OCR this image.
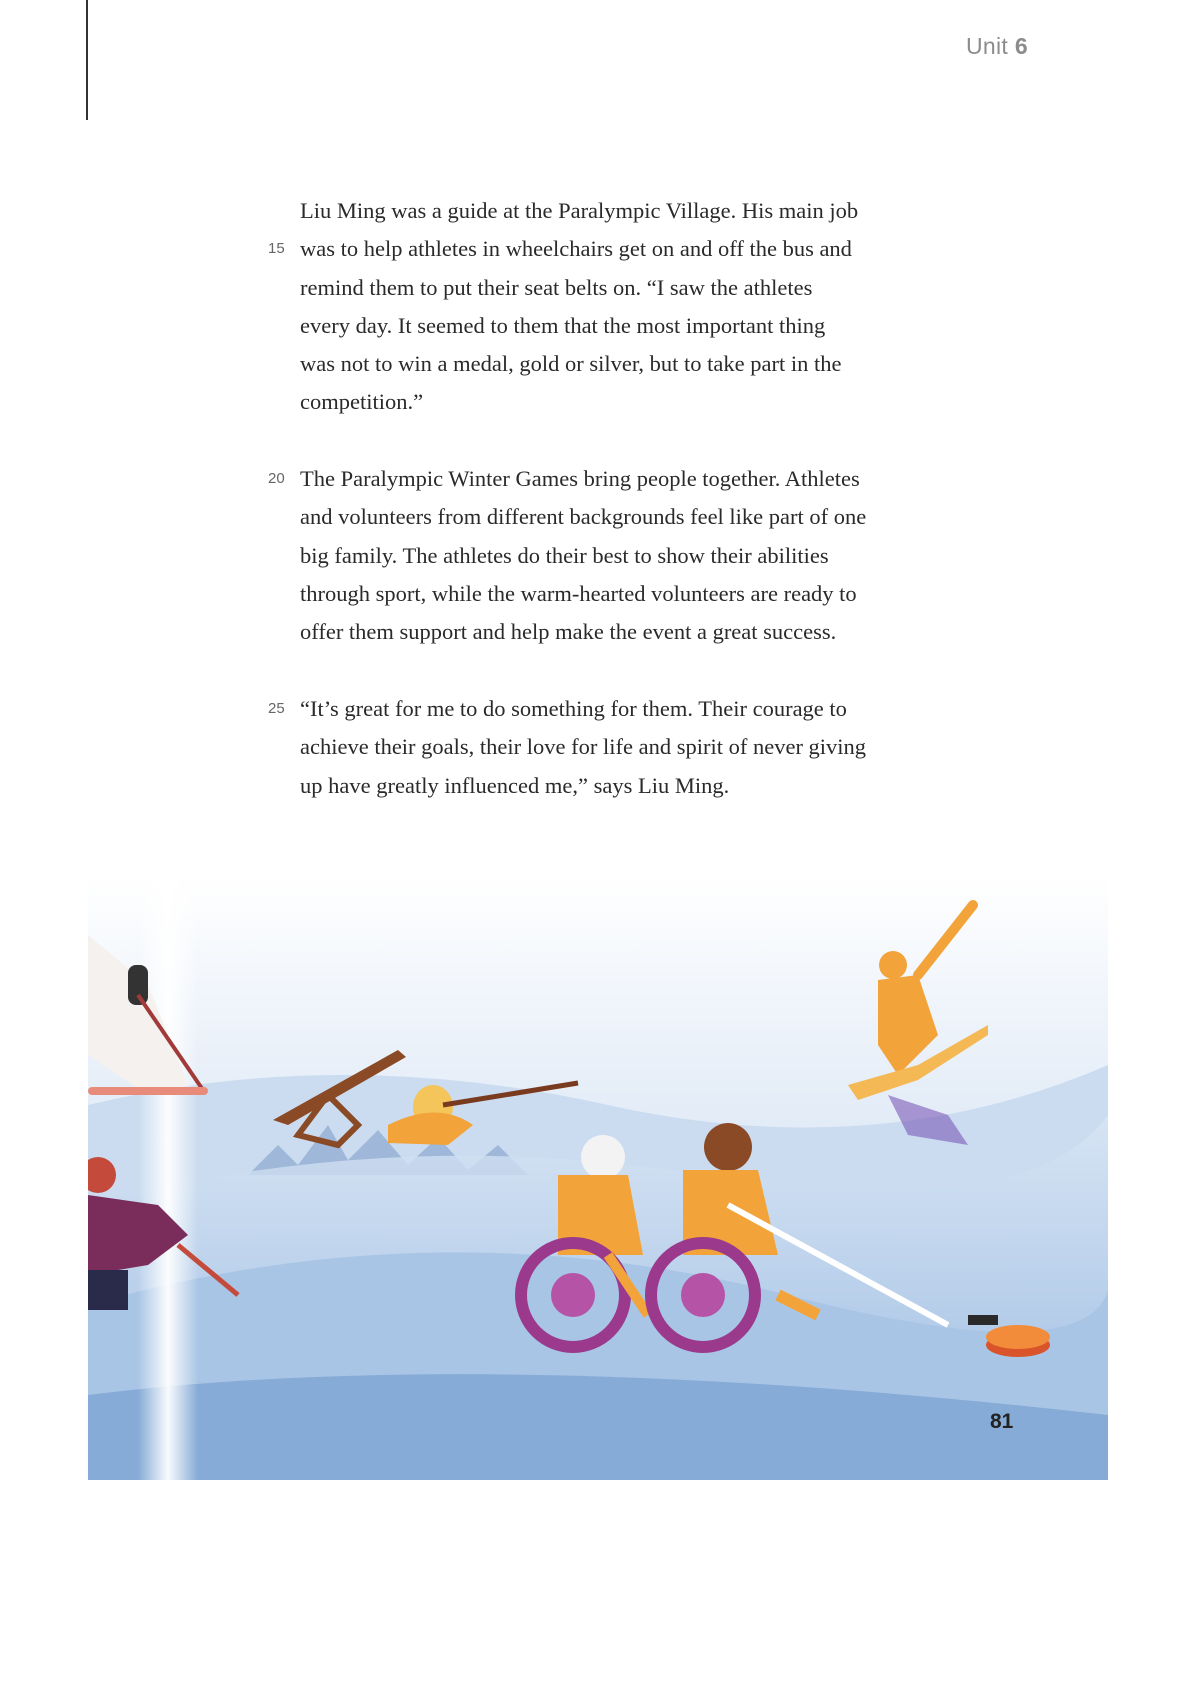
Unit 6

Liu Ming was a guide at the Paralympic Village. His main job

was to help athletes in wheelchairs get on and off the bus and

remind them to put their seat belts on. “I saw the athletes

every day. It seemed to them that the most important thing

was not to win a medal, gold or silver, but to take part in the

competition.”

15

The Paralympic Winter Games bring people together. Athletes

and volunteers from different backgrounds feel like part of one

big family. The athletes do their best to show their abilities

through sport, while the warm-hearted volunteers are ready to

offer them support and help make the event a great success.

20

“It’s great for me to do something for them. Their courage to

achieve their goals, their love for life and spirit of never giving

up have greatly influenced me,” says Liu Ming.

25
81
